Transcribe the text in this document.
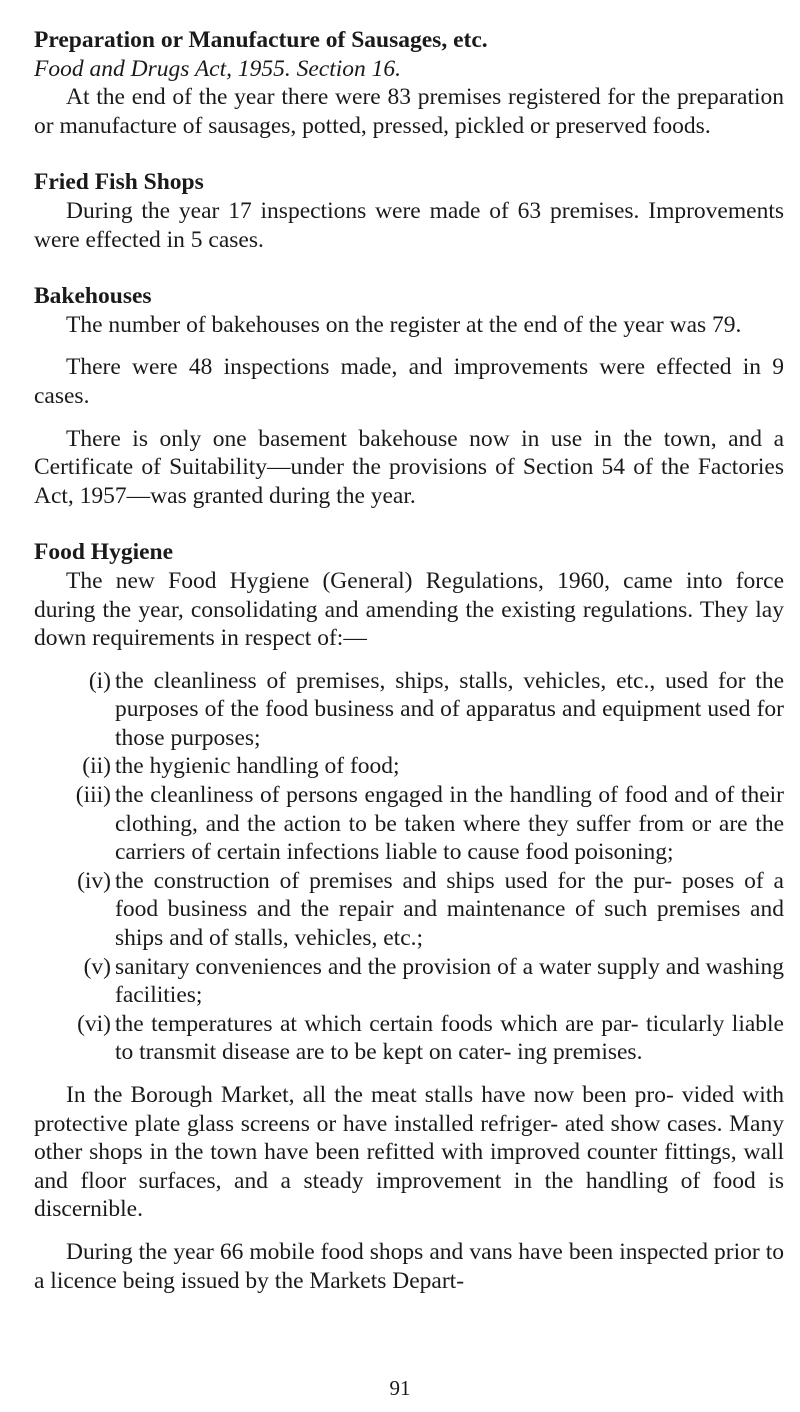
Preparation or Manufacture of Sausages, etc.

Food and Drugs Act, 1955. Section 16.

At the end of the year there were 83 premises registered for the preparation or manufacture of sausages, potted, pressed, pickled or preserved foods.

Fried Fish Shops

During the year 17 inspections were made of 63 premises. Improvements were effected in 5 cases.

Bakehouses

The number of bakehouses on the register at the end of the year was 79.

There were 48 inspections made, and improvements were effected in 9 cases.

There is only one basement bakehouse now in use in the town, and a Certificate of Suitability—under the provisions of Section 54 of the Factories Act, 1957—was granted during the year.

Food Hygiene

The new Food Hygiene (General) Regulations, 1960, came into force during the year, consolidating and amending the existing regulations. They lay down requirements in respect of:—

(i) the cleanliness of premises, ships, stalls, vehicles, etc., used for the purposes of the food business and of apparatus and equipment used for those purposes;
(ii) the hygienic handling of food;
(iii) the cleanliness of persons engaged in the handling of food and of their clothing, and the action to be taken where they suffer from or are the carriers of certain infections liable to cause food poisoning;
(iv) the construction of premises and ships used for the pur- poses of a food business and the repair and maintenance of such premises and ships and of stalls, vehicles, etc.;
(v) sanitary conveniences and the provision of a water supply and washing facilities;
(vi) the temperatures at which certain foods which are par- ticularly liable to transmit disease are to be kept on cater- ing premises.

In the Borough Market, all the meat stalls have now been pro- vided with protective plate glass screens or have installed refriger- ated show cases. Many other shops in the town have been refitted with improved counter fittings, wall and floor surfaces, and a steady improvement in the handling of food is discernible.

During the year 66 mobile food shops and vans have been inspected prior to a licence being issued by the Markets Depart-

91
